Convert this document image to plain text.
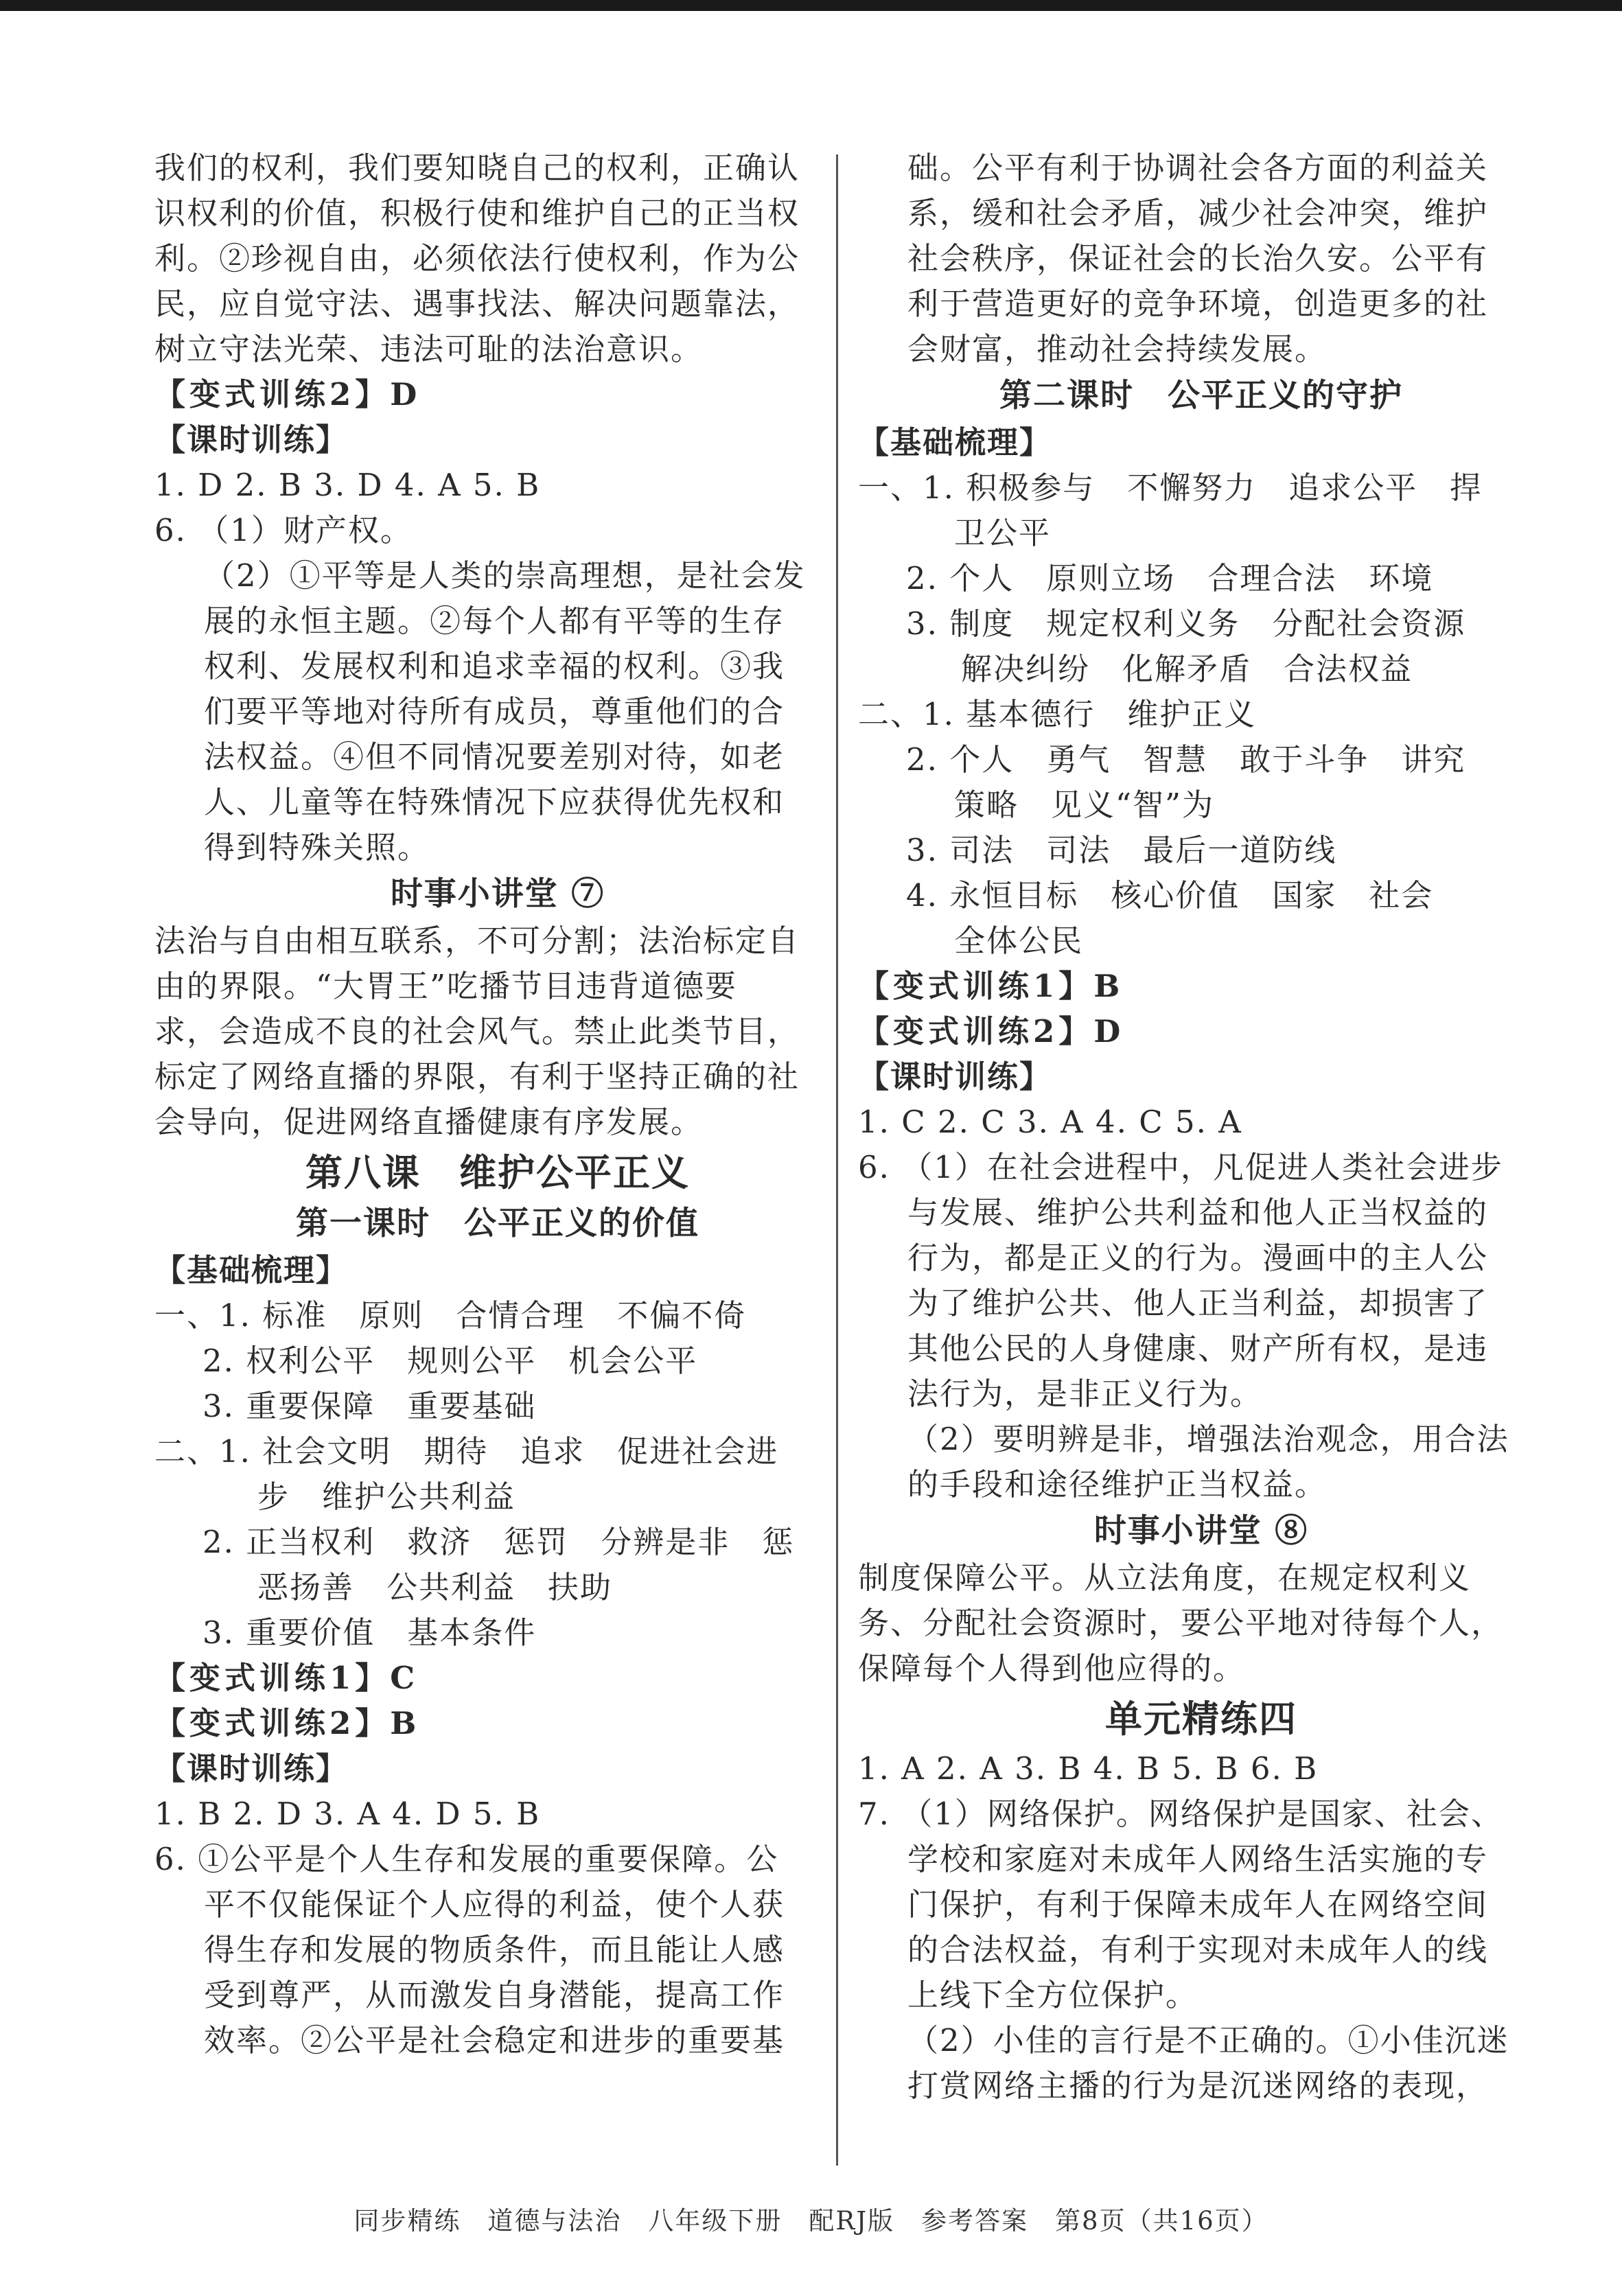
我们的权利，我们要知晓自己的权利，正确认
识权利的价值，积极行使和维护自己的正当权
利。②珍视自由，必须依法行使权利，作为公
民，应自觉守法、遇事找法、解决问题靠法，
树立守法光荣、违法可耻的法治意识。
【变式训练2】D
【课时训练】
1. D 2. B 3. D 4. A 5. B
6. （1）财产权。
（2）①平等是人类的崇高理想，是社会发
展的永恒主题。②每个人都有平等的生存
权利、发展权利和追求幸福的权利。③我
们要平等地对待所有成员，尊重他们的合
法权益。④但不同情况要差别对待，如老
人、儿童等在特殊情况下应获得优先权和
得到特殊关照。
时事小讲堂 ⑦
法治与自由相互联系，不可分割；法治标定自
由的界限。“大胃王”吃播节目违背道德要
求，会造成不良的社会风气。禁止此类节目，
标定了网络直播的界限，有利于坚持正确的社
会导向，促进网络直播健康有序发展。
第八课　维护公平正义
第一课时　公平正义的价值
【基础梳理】
一、1. 标准　原则　合情合理　不偏不倚
2. 权利公平　规则公平　机会公平
3. 重要保障　重要基础
二、1. 社会文明　期待　追求　促进社会进
步　维护公共利益
2. 正当权利　救济　惩罚　分辨是非　惩
恶扬善　公共利益　扶助
3. 重要价值　基本条件
【变式训练1】C
【变式训练2】B
【课时训练】
1. B 2. D 3. A 4. D 5. B
6. ①公平是个人生存和发展的重要保障。公
平不仅能保证个人应得的利益，使个人获
得生存和发展的物质条件，而且能让人感
受到尊严，从而激发自身潜能，提高工作
效率。②公平是社会稳定和进步的重要基
础。公平有利于协调社会各方面的利益关
系，缓和社会矛盾，减少社会冲突，维护
社会秩序，保证社会的长治久安。公平有
利于营造更好的竞争环境，创造更多的社
会财富，推动社会持续发展。
第二课时　公平正义的守护
【基础梳理】
一、1. 积极参与　不懈努力　追求公平　捍
卫公平
2. 个人　原则立场　合理合法　环境
3. 制度　规定权利义务　分配社会资源
解决纠纷　化解矛盾　合法权益
二、1. 基本德行　维护正义
2. 个人　勇气　智慧　敢于斗争　讲究
策略　见义“智”为
3. 司法　司法　最后一道防线
4. 永恒目标　核心价值　国家　社会
全体公民
【变式训练1】B
【变式训练2】D
【课时训练】
1. C 2. C 3. A 4. C 5. A
6. （1）在社会进程中，凡促进人类社会进步
与发展、维护公共利益和他人正当权益的
行为，都是正义的行为。漫画中的主人公
为了维护公共、他人正当利益，却损害了
其他公民的人身健康、财产所有权，是违
法行为，是非正义行为。
（2）要明辨是非，增强法治观念，用合法
的手段和途径维护正当权益。
时事小讲堂 ⑧
制度保障公平。从立法角度，在规定权利义
务、分配社会资源时，要公平地对待每个人，
保障每个人得到他应得的。
单元精练四
1. A 2. A 3. B 4. B 5. B 6. B
7. （1）网络保护。网络保护是国家、社会、
学校和家庭对未成年人网络生活实施的专
门保护，有利于保障未成年人在网络空间
的合法权益，有利于实现对未成年人的线
上线下全方位保护。
（2）小佳的言行是不正确的。①小佳沉迷
打赏网络主播的行为是沉迷网络的表现，
同步精练　道德与法治　八年级下册　配RJ版　参考答案　第8页（共16页）
